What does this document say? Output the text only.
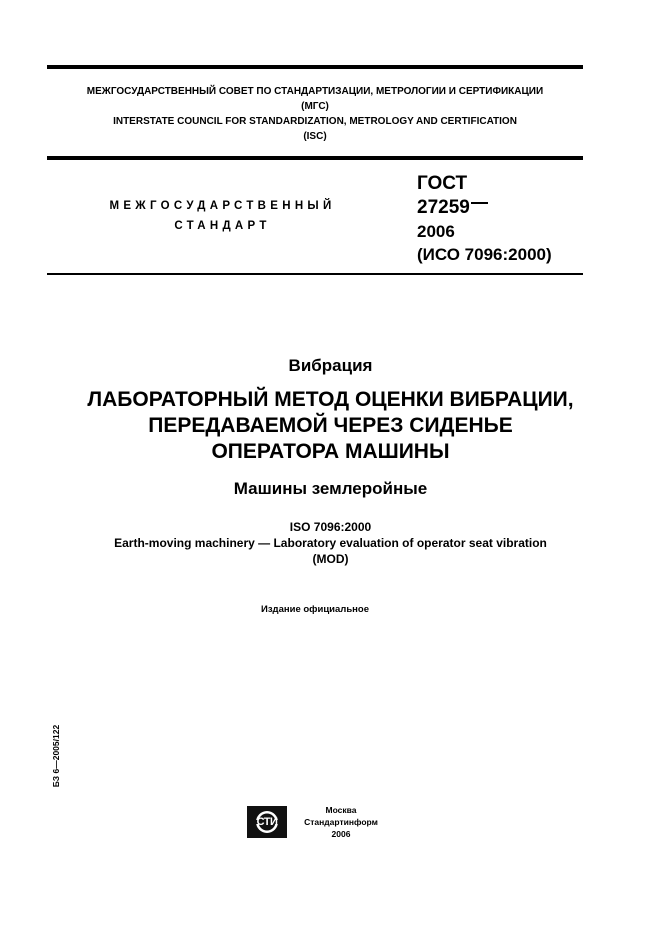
МЕЖГОСУДАРСТВЕННЫЙ СОВЕТ ПО СТАНДАРТИЗАЦИИ, МЕТРОЛОГИИ И СЕРТИФИКАЦИИ
(МГС)
INTERSTATE COUNCIL FOR STANDARDIZATION, METROLOGY AND CERTIFICATION
(ISC)
МЕЖГОСУДАРСТВЕННЫЙ
СТАНДАРТ
ГОСТ
27259
2006
(ИСО 7096:2000)
Вибрация
ЛАБОРАТОРНЫЙ МЕТОД ОЦЕНКИ ВИБРАЦИИ,
ПЕРЕДАВАЕМОЙ ЧЕРЕЗ СИДЕНЬЕ
ОПЕРАТОРА МАШИНЫ
Машины землеройные
ISO 7096:2000
Earth-moving machinery — Laboratory evaluation of operator seat vibration
(MOD)
Издание официальное
БЗ 6—2005/122
СТИ
Москва
Стандартинформ
2006
